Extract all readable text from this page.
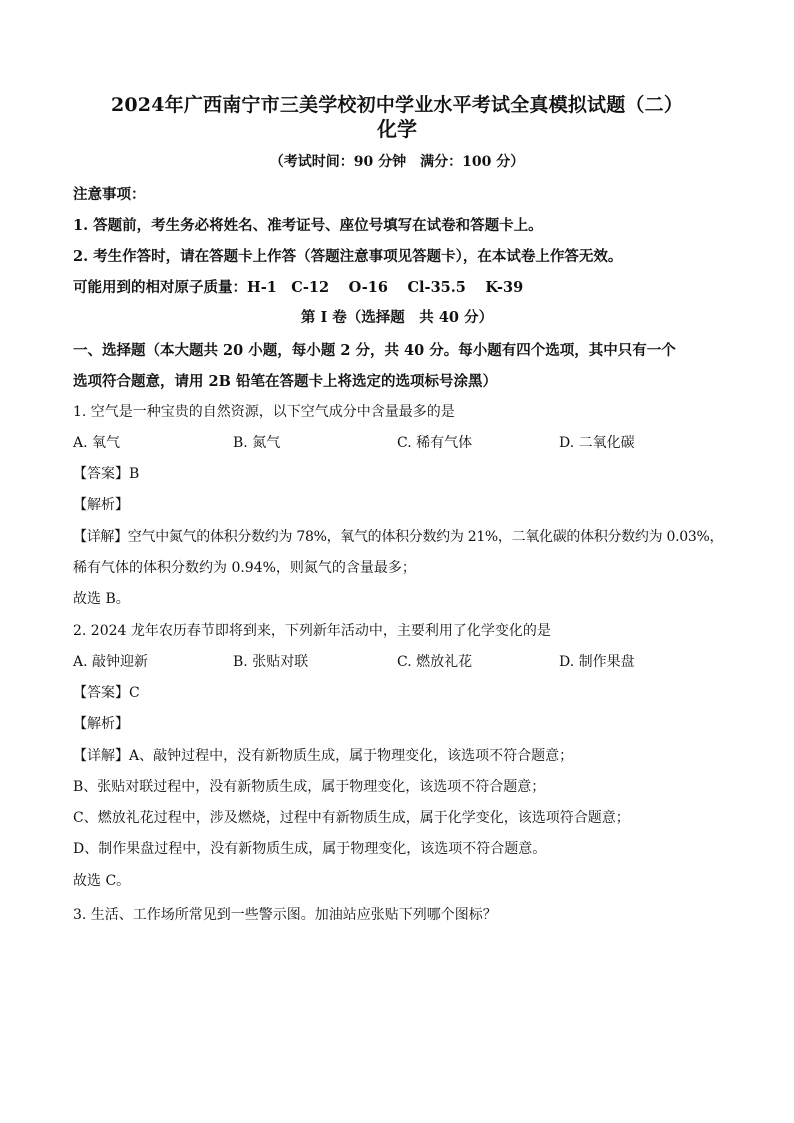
2024年广西南宁市三美学校初中学业水平考试全真模拟试题（二）
化学
（考试时间：90 分钟　满分：100 分）
注意事项：
1. 答题前，考生务必将姓名、准考证号、座位号填写在试卷和答题卡上。
2. 考生作答时，请在答题卡上作答（答题注意事项见答题卡），在本试卷上作答无效。
可能用到的相对原子质量：H-1　C-12　 O-16　 Cl-35.5　 K-39
第 I 卷（选择题　共 40 分）
一、选择题（本大题共 20 小题，每小题 2 分，共 40 分。每小题有四个选项，其中只有一个
选项符合题意，请用 2B 铅笔在答题卡上将选定的选项标号涂黑）
1. 空气是一种宝贵的自然资源，以下空气成分中含量最多的是
A. 氧气	B. 氮气	C. 稀有气体	D. 二氧化碳
【答案】B
【解析】
【详解】空气中氮气的体积分数约为 78%，氧气的体积分数约为 21%，二氧化碳的体积分数约为 0.03%，
稀有气体的体积分数约为 0.94%，则氮气的含量最多；
故选 B。
2. 2024 龙年农历春节即将到来，下列新年活动中，主要利用了化学变化的是
A. 敲钟迎新	B. 张贴对联	C. 燃放礼花	D. 制作果盘
【答案】C
【解析】
【详解】A、敲钟过程中，没有新物质生成，属于物理变化，该选项不符合题意；
B、张贴对联过程中，没有新物质生成，属于物理变化，该选项不符合题意；
C、燃放礼花过程中，涉及燃烧，过程中有新物质生成，属于化学变化，该选项符合题意；
D、制作果盘过程中，没有新物质生成，属于物理变化，该选项不符合题意。
故选 C。
3. 生活、工作场所常见到一些警示图。加油站应张贴下列哪个图标？
